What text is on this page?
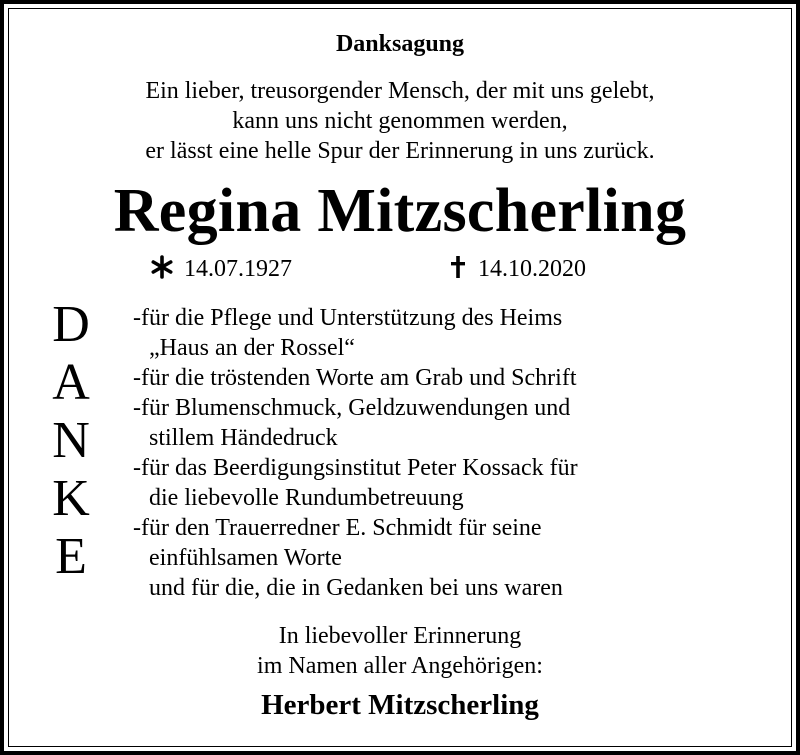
Danksagung
Ein lieber, treusorgender Mensch, der mit uns gelebt,
kann uns nicht genommen werden,
er lässt eine helle Spur der Erinnerung in uns zurück.
Regina Mitzscherling
14.07.1927	14.10.2020
D
A
N
K
E
-für die Pflege und Unterstützung des Heims
„Haus an der Rossel“
-für die tröstenden Worte am Grab und Schrift
-für Blumenschmuck, Geldzuwendungen und
stillem Händedruck
-für das Beerdigungsinstitut Peter Kossack für
die liebevolle Rundumbetreuung
-für den Trauerredner E. Schmidt für seine
einfühlsamen Worte
und für die, die in Gedanken bei uns waren
In liebevoller Erinnerung
im Namen aller Angehörigen:
Herbert Mitzscherling
